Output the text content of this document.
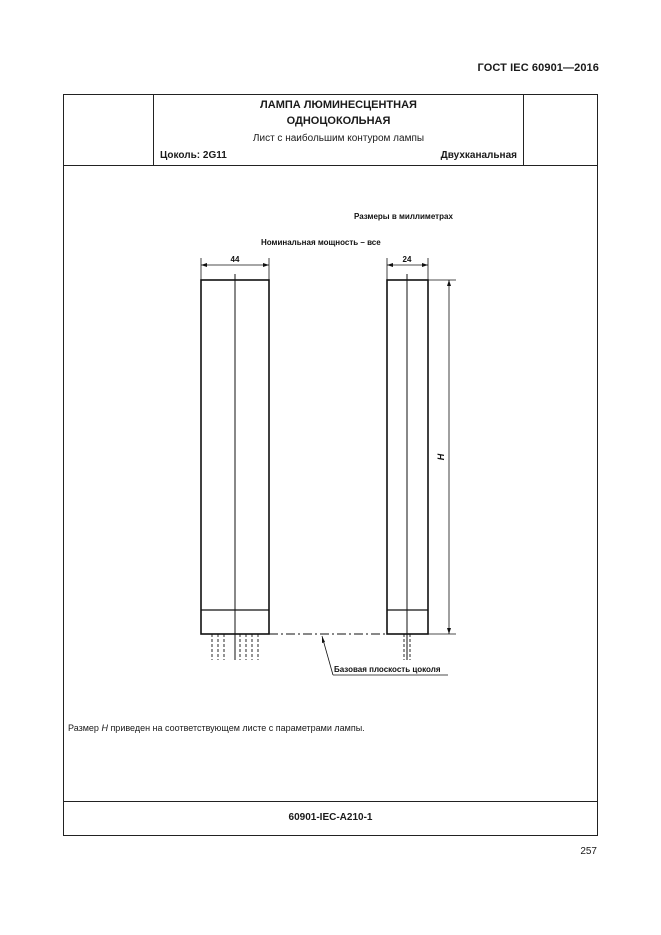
ГОСТ IEC 60901—2016
ЛАМПА ЛЮМИНЕСЦЕНТНАЯ
ОДНОЦОКОЛЬНАЯ
Лист с наибольшим контуром лампы
Цоколь: 2G11	Двухканальная
60901-IEC-A210-1
Размеры в миллиметрах
Номинальная мощность – все
44	24
H
Базовая плоскость цоколя
Размер H приведен на соответствующем листе с параметрами лампы.
257
